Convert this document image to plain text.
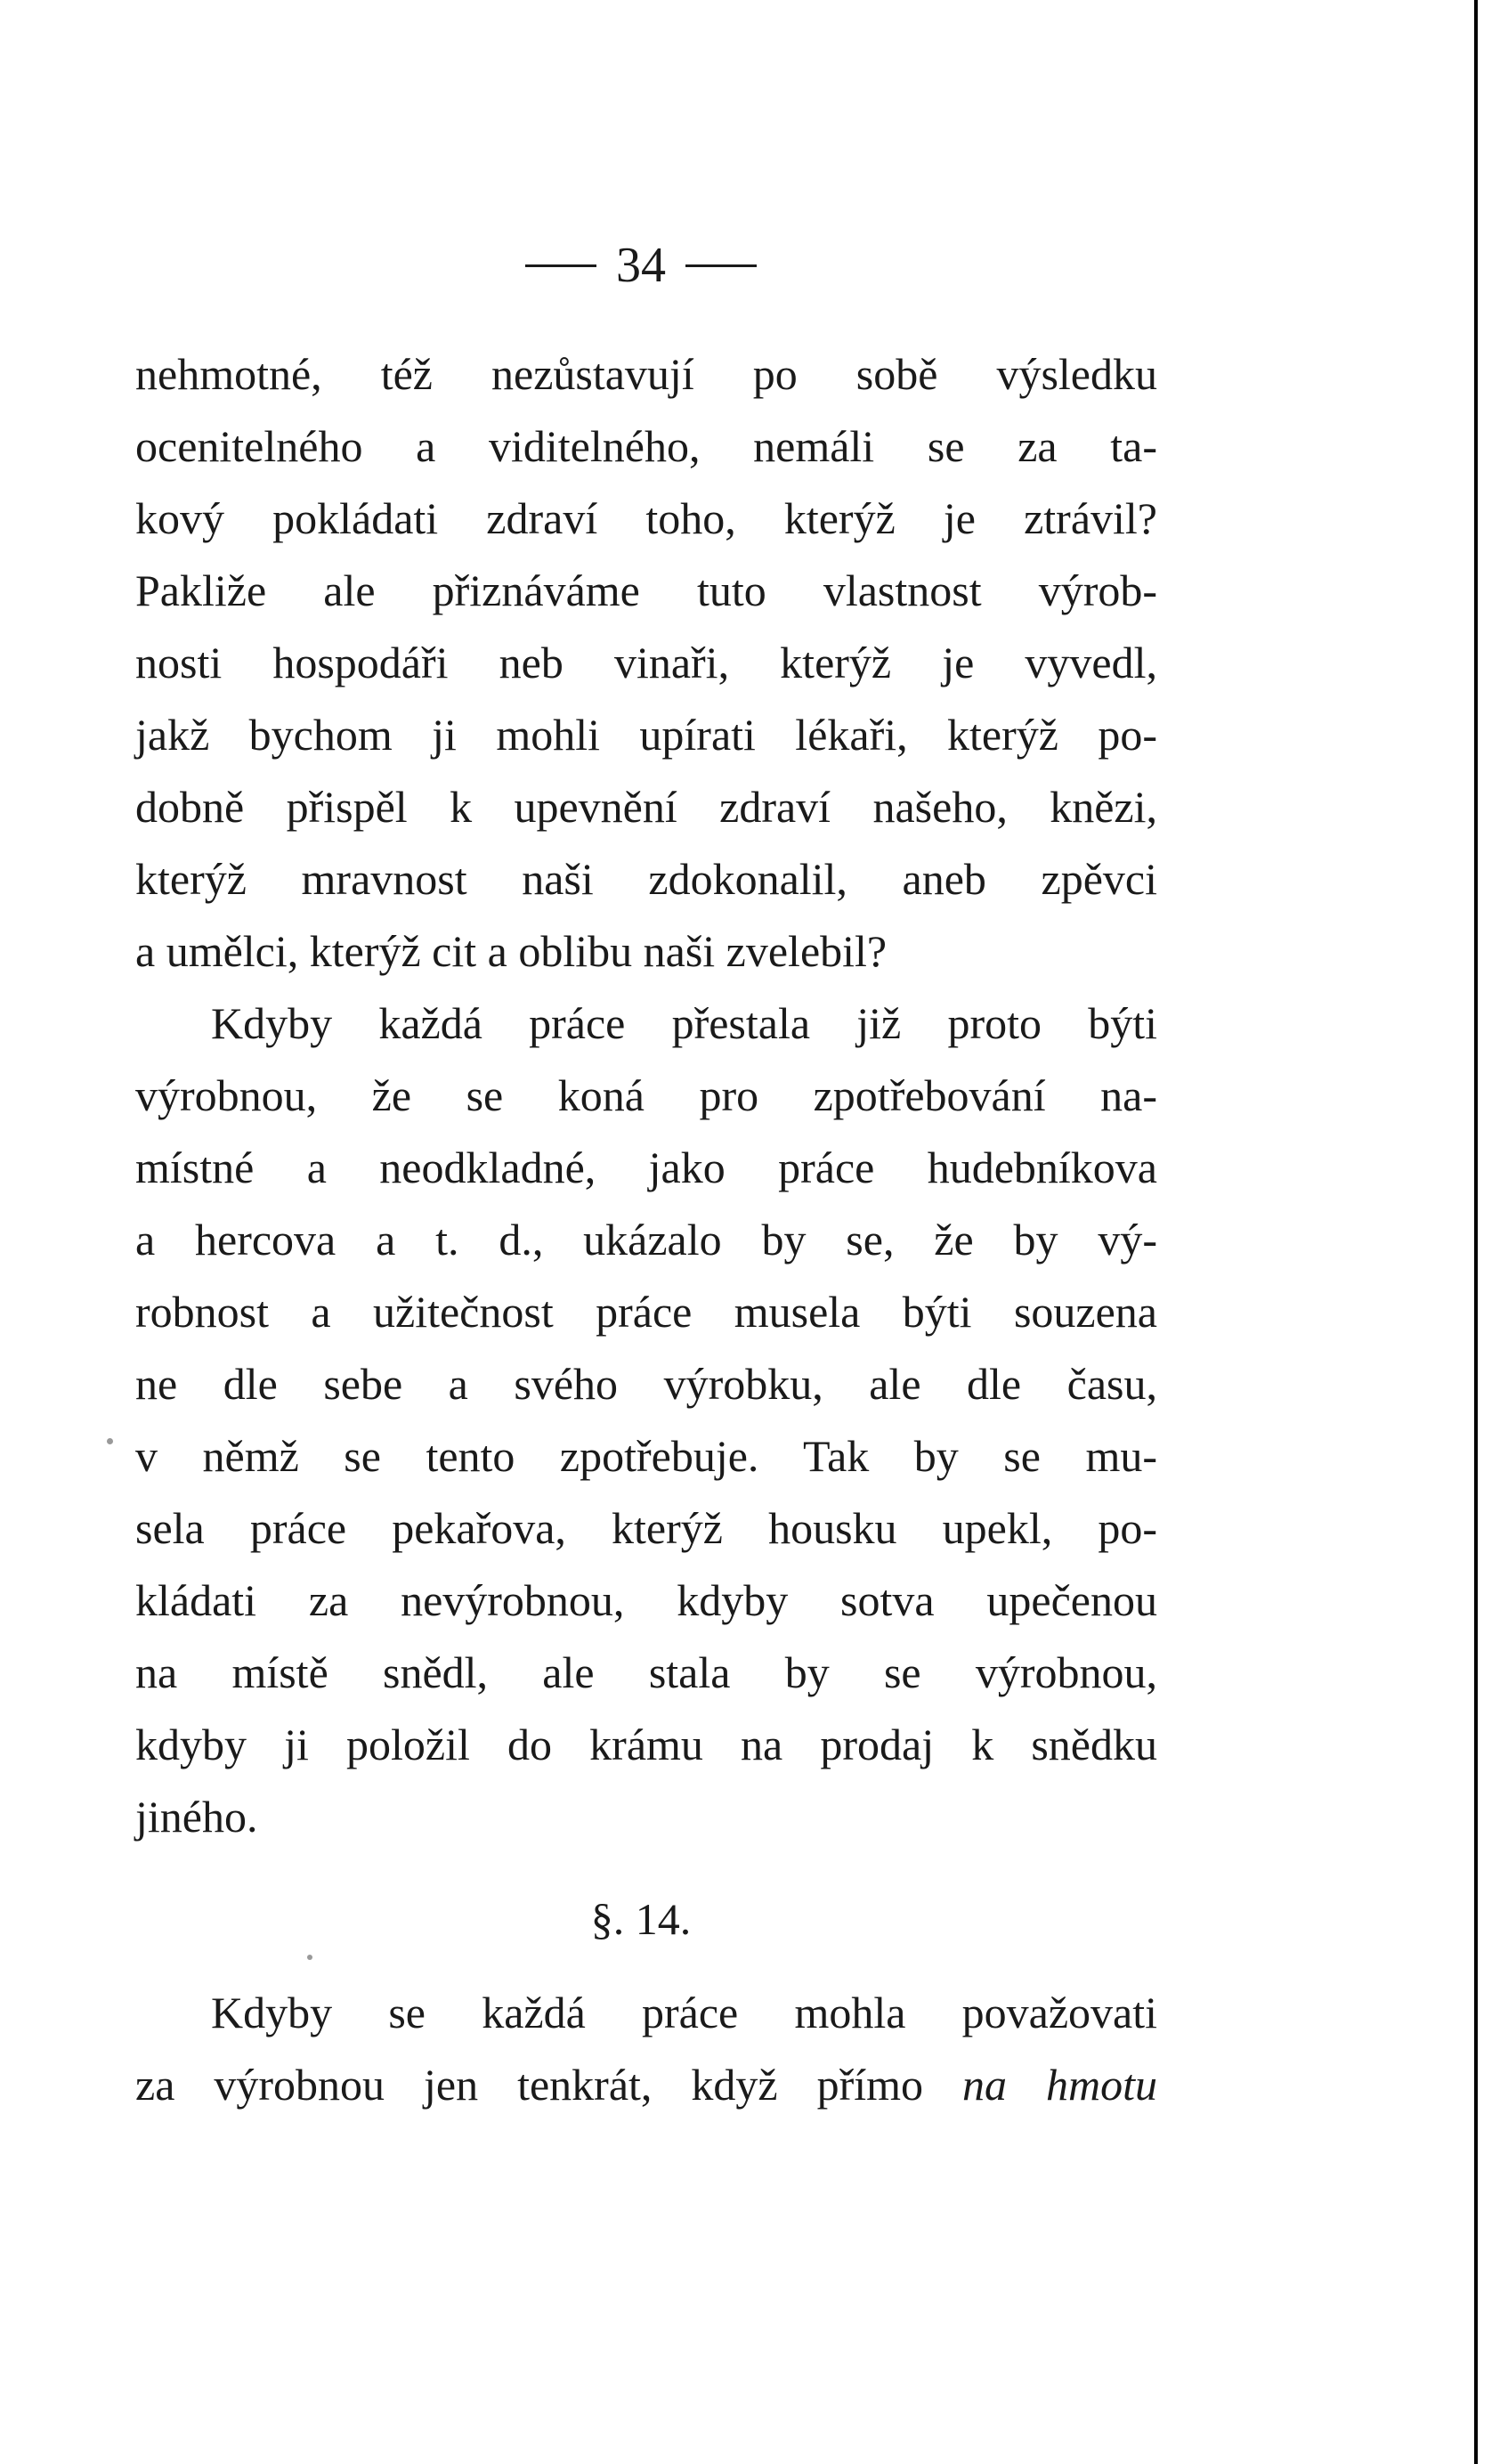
34
nehmotné, též nezůstavují po sobě výsledku
ocenitelného a viditelného, nemáli se za ta-
kový pokládati zdraví toho, kterýž je ztrávil?
Pakliže ale přiznáváme tuto vlastnost výrob-
nosti hospodáři neb vinaři, kterýž je vyvedl,
jakž bychom ji mohli upírati lékaři, kterýž po-
dobně přispěl k upevnění zdraví našeho, knězi,
kterýž mravnost naši zdokonalil, aneb zpěvci
a umělci, kterýž cit a oblibu naši zvelebil?
Kdyby každá práce přestala již proto býti
výrobnou, že se koná pro zpotřebování na-
místné a neodkladné, jako práce hudebníkova
a hercova a t. d., ukázalo by se, že by vý-
robnost a užitečnost práce musela býti souzena
ne dle sebe a svého výrobku, ale dle času,
v němž se tento zpotřebuje. Tak by se mu-
sela práce pekařova, kterýž housku upekl, po-
kládati za nevýrobnou, kdyby sotva upečenou
na místě snědl, ale stala by se výrobnou,
kdyby ji položil do krámu na prodaj k snědku
jiného.
§. 14.
Kdyby se každá práce mohla považovati
za výrobnou jen tenkrát, když přímo na hmotu
